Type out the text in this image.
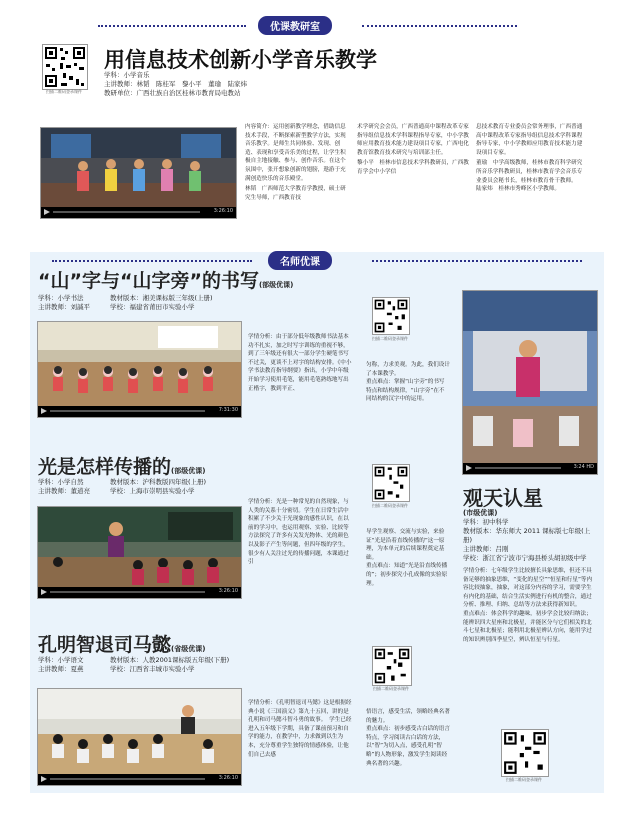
优课教研室
扫描二维码登录课件
用信息技术创新小学音乐教学
学科：小学音乐
主讲教师：林韬　陈桂军　黎小平　董瑜　陆家炜
教研单位：广西壮族自治区桂林市教育局电教站
3:26:10
内容简介：运用创新教学理念，借助信息技术手段，不断探索新型教学方法，实现音乐教学。是师生共同体验、发现、创造、表现和享受音乐美的过程，让学生积极自主地接触、参与、创作音乐。在这个氛围中，张开想象创新的翅膀，遨游于充满创造快乐的音乐殿堂。
林韬　广西师范大学教育学教授，硕士研究生导师，广西教育技
术学研究会会员，广西普通高中课程改革专家指导组信息技术学科课程指导专家，中小学教师应用教育技术能力建设项目专家，广西电化教育馆教育技术研究与培训部主任。
黎小平　桂林市信息技术学科教研员，广西教育学会中小学信
息技术教育专业委员会常务理事，广西普通高中课程改革专家指导组信息技术学科课程指导专家，中小学教师应用教育技术能力建设项目专家。
董瑜　中学高级教师，桂林市教育科学研究所音乐学科教研员，桂林市教育学会音乐专业委员会秘书长，桂林市教育骨干教师。
陆家炜　桂林市秀峰区小学教师。
名师优课
“山”字与“山字旁”的书写(部级优课)
学科：小学书法	教材版本：湘美课标版三年级(上册)
主讲教师：刘諴平	学校：福建省莆田市实验小学
7:31:30
学情分析：由于部分低年级教师书法基本功不扎实，加之时写字训练的重视不够，到了三年级还有很大一部分学生硬笔书写不过关，更谈不上对字的结构安排。《中小学书法教育指导纲要》指出，小学中年级开始学习使用毛笔，能用毛笔熟练地写出正楷字，教到平正、
扫描二维码登录课件
匀称，力求美观。为此，我们设计了本课教学。
重点难点：掌握“山字旁”的书写特点和结构规律，“山字旁”在不同结构的汉字中的运用。
3:24 HD
观天认星
(市级优课)
学科：初中科学
教材版本：华东师大 2011 课标版七年级(上册)
主讲教师：吕刚
学校：浙江省宁波市宁海县桥头胡初级中学
学情分析：七年级学生比较擅长具象思维，但还不具备足够的抽象思维，“变化的星空”“恒星和行星”等内容比较抽象，抽象，对这部分内容的学习，需要学生有内化的基础，结合生活实例进行有机的整合，通过分析、推理、归纳、总结等方法来获得新知识。
重点难点：体会科学的趣味，初步学会比较归纳法；能辨识四大星座和北极星，并能区分与它们相关的北斗七星和北极星；能利用北极星辨认方向，能用学过的知识辨别四季星空，辨认恒星与行星。
扫描二维码登录课件
光是怎样传播的(部级优课)
学科：小学自然	教材版本：沪科教版四年级(上册)
主讲教师：董道亮	学校：上海市崇明县实验小学
3:26:10
学情分析：光是一种常见的自然现象，与人类的关系十分密切。学生在日常生活中积累了不少关于光现象的感性认识，在以前的学习中，也运用观察、实验、比较等方法探究了许多有关发光物体、光的颜色以及影子产生等问题，但四年级的学生，很少有人关注过光的传播问题，本课通过引
扫描二维码登录课件
导学生观察、交流与实验，来验证“光是沿着直线传播的”这一原理，为本单元的后续课程奠定基础。
重点难点：知道“光是沿直线传播的”；初步探究小孔成像的实验原理。
孔明智退司马懿(省级优课)
学科：小学语文	教材版本：人教2001课标版五年级(下册)
主讲教师：夏燕	学校：江西省丰城市实验小学
3:26:10
学情分析：《孔明智退司马懿》这是根据经典小说《三国演义》第九十五回，讲的是孔明和司马懿斗智斗勇的故事。　学生已经进入五年级下学期，具备了课前预习和自学的能力，在教学中，力求做到以生为本，充分尊重学生独特的情感体验，让他们自己去感
扫描二维码登录课件
悟语言，感受生活，领略经典名著的魅力。
重点难点：初步感受古白话的语言特点，学习阅读古白话的方法，以“智”为切入点，感受孔明“智略”的人物形象，激发学生阅读经典名著的兴趣。
